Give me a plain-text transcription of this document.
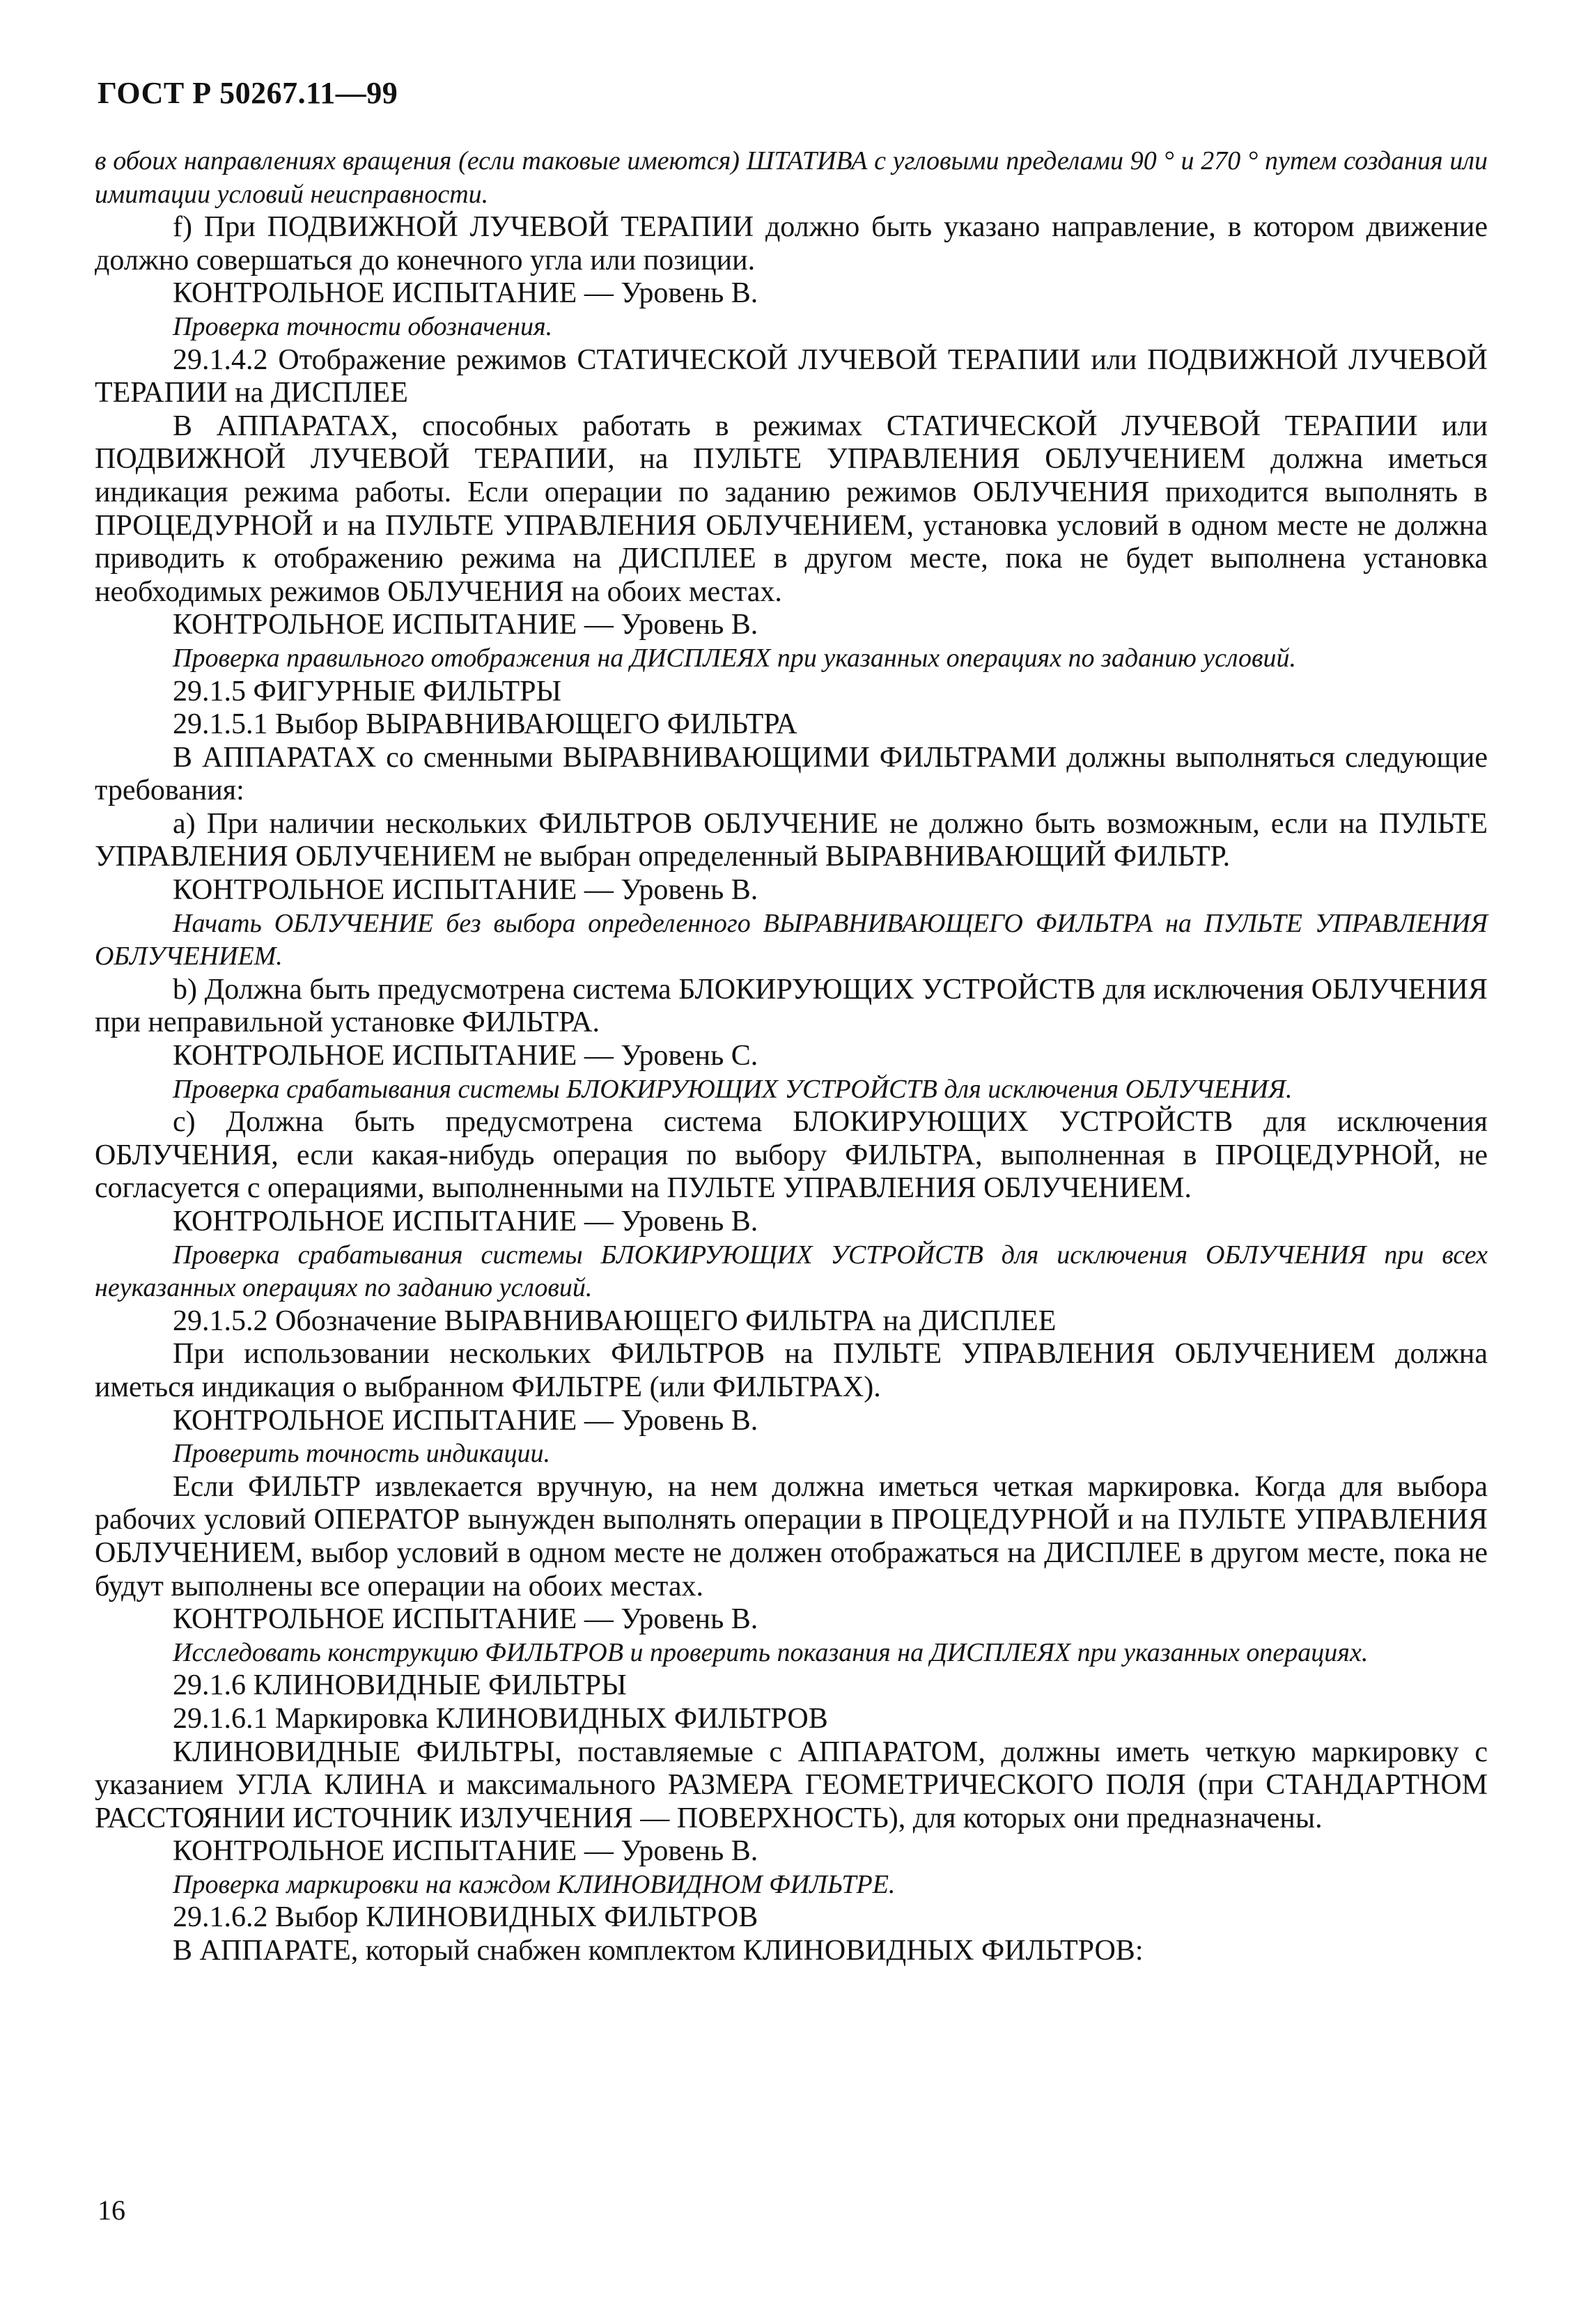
ГОСТ Р 50267.11—99

в обоих направлениях вращения (если таковые имеются) ШТАТИВА с угловыми пределами 90 ° и 270 ° путем создания или имитации условий неисправности.

f) При ПОДВИЖНОЙ ЛУЧЕВОЙ ТЕРАПИИ должно быть указано направление, в котором движение должно совершаться до конечного угла или позиции.

КОНТРОЛЬНОЕ ИСПЫТАНИЕ — Уровень В.

Проверка точности обозначения.

29.1.4.2 Отображение режимов СТАТИЧЕСКОЙ ЛУЧЕВОЙ ТЕРАПИИ или ПОДВИЖНОЙ ЛУЧЕВОЙ ТЕРАПИИ на ДИСПЛЕЕ

В АППАРАТАХ, способных работать в режимах СТАТИЧЕСКОЙ ЛУЧЕВОЙ ТЕРАПИИ или ПОДВИЖНОЙ ЛУЧЕВОЙ ТЕРАПИИ, на ПУЛЬТЕ УПРАВЛЕНИЯ ОБЛУЧЕНИЕМ должна иметься индикация режима работы. Если операции по заданию режимов ОБЛУЧЕНИЯ приходится выполнять в ПРОЦЕДУРНОЙ и на ПУЛЬТЕ УПРАВЛЕНИЯ ОБЛУЧЕНИЕМ, установка условий в одном месте не должна приводить к отображению режима на ДИСПЛЕЕ в другом месте, пока не будет выполнена установка необходимых режимов ОБЛУЧЕНИЯ на обоих местах.

КОНТРОЛЬНОЕ ИСПЫТАНИЕ — Уровень В.

Проверка правильного отображения на ДИСПЛЕЯХ при указанных операциях по заданию условий.

29.1.5 ФИГУРНЫЕ ФИЛЬТРЫ

29.1.5.1 Выбор ВЫРАВНИВАЮЩЕГО ФИЛЬТРА

В АППАРАТАХ со сменными ВЫРАВНИВАЮЩИМИ ФИЛЬТРАМИ должны выполняться следующие требования:

а) При наличии нескольких ФИЛЬТРОВ ОБЛУЧЕНИЕ не должно быть возможным, если на ПУЛЬТЕ УПРАВЛЕНИЯ ОБЛУЧЕНИЕМ не выбран определенный ВЫРАВНИВАЮЩИЙ ФИЛЬТР.

КОНТРОЛЬНОЕ ИСПЫТАНИЕ — Уровень В.

Начать ОБЛУЧЕНИЕ без выбора определенного ВЫРАВНИВАЮЩЕГО ФИЛЬТРА на ПУЛЬТЕ УПРАВЛЕНИЯ ОБЛУЧЕНИЕМ.

b) Должна быть предусмотрена система БЛОКИРУЮЩИХ УСТРОЙСТВ для исключения ОБЛУЧЕНИЯ при неправильной установке ФИЛЬТРА.

КОНТРОЛЬНОЕ ИСПЫТАНИЕ — Уровень С.

Проверка срабатывания системы БЛОКИРУЮЩИХ УСТРОЙСТВ для исключения ОБЛУЧЕНИЯ.

с) Должна быть предусмотрена система БЛОКИРУЮЩИХ УСТРОЙСТВ для исключения ОБЛУЧЕНИЯ, если какая-нибудь операция по выбору ФИЛЬТРА, выполненная в ПРОЦЕДУРНОЙ, не согласуется с операциями, выполненными на ПУЛЬТЕ УПРАВЛЕНИЯ ОБЛУЧЕНИЕМ.

КОНТРОЛЬНОЕ ИСПЫТАНИЕ — Уровень В.

Проверка срабатывания системы БЛОКИРУЮЩИХ УСТРОЙСТВ для исключения ОБЛУЧЕНИЯ при всех неуказанных операциях по заданию условий.

29.1.5.2 Обозначение ВЫРАВНИВАЮЩЕГО ФИЛЬТРА на ДИСПЛЕЕ

При использовании нескольких ФИЛЬТРОВ на ПУЛЬТЕ УПРАВЛЕНИЯ ОБЛУЧЕНИЕМ должна иметься индикация о выбранном ФИЛЬТРЕ (или ФИЛЬТРАХ).

КОНТРОЛЬНОЕ ИСПЫТАНИЕ — Уровень В.

Проверить точность индикации.

Если ФИЛЬТР извлекается вручную, на нем должна иметься четкая маркировка. Когда для выбора рабочих условий ОПЕРАТОР вынужден выполнять операции в ПРОЦЕДУРНОЙ и на ПУЛЬТЕ УПРАВЛЕНИЯ ОБЛУЧЕНИЕМ, выбор условий в одном месте не должен отображаться на ДИСПЛЕЕ в другом месте, пока не будут выполнены все операции на обоих местах.

КОНТРОЛЬНОЕ ИСПЫТАНИЕ — Уровень В.

Исследовать конструкцию ФИЛЬТРОВ и проверить показания на ДИСПЛЕЯХ при указанных операциях.

29.1.6 КЛИНОВИДНЫЕ ФИЛЬТРЫ

29.1.6.1 Маркировка КЛИНОВИДНЫХ ФИЛЬТРОВ

КЛИНОВИДНЫЕ ФИЛЬТРЫ, поставляемые с АППАРАТОМ, должны иметь четкую маркировку с указанием УГЛА КЛИНА и максимального РАЗМЕРА ГЕОМЕТРИЧЕСКОГО ПОЛЯ (при СТАНДАРТНОМ РАССТОЯНИИ ИСТОЧНИК ИЗЛУЧЕНИЯ — ПОВЕРХНОСТЬ), для которых они предназначены.

КОНТРОЛЬНОЕ ИСПЫТАНИЕ — Уровень В.

Проверка маркировки на каждом КЛИНОВИДНОМ ФИЛЬТРЕ.

29.1.6.2 Выбор КЛИНОВИДНЫХ ФИЛЬТРОВ

В АППАРАТЕ, который снабжен комплектом КЛИНОВИДНЫХ ФИЛЬТРОВ:

16
